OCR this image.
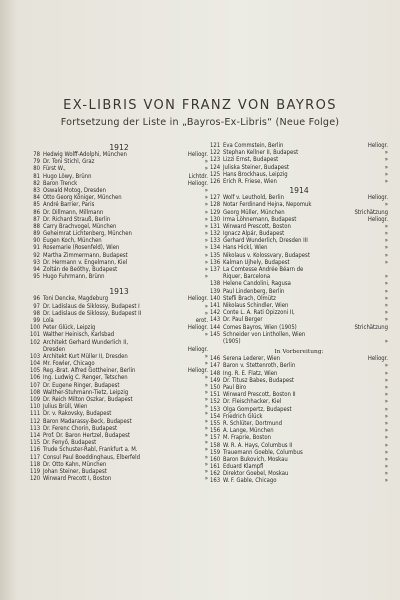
EX-LIBRIS VON FRANZ VON BAYROS
Fortsetzung der Liste in „Bayros-Ex-Libris“ (Neue Folge)
1912
78 Hedwig Wolff-Adolphi, München	Heliogr.
79 Dr. Toni Stichl, Graz	»
80 Fürst W.,	»
81 Hugo Löwy, Brünn	Lichtdr.
82 Baron Trenck	Heliogr.
83 Oswald Motog, Dresden	»
84 Otto Georg Königer, München	»
85 André Barrier, Paris	»
86 Dr. Dillmann, Millmann	»
87 Dr. Richard Strauß, Berlin	»
88 Carry Brachvogel, München	»
89 Geheimrat Lichtenberg, München	»
90 Eugen Koch, München	»
91 Rosemarie (Rosenfeld), Wien	»
92 Martha Zimmermann, Budapest	»
93 Dr. Hermann v. Engelmann, Kiel	»
94 Zoltán de Beöthy, Budapest	»
95 Hugo Fuhrmann, Brünn	»
1913
96 Toni Dencke, Magdeburg	Heliogr.
97 Dr. Ladislaus de Siklossy, Budapest I	»
98 Dr. Ladislaus de Siklossy, Budapest II	»
99 Lola	erot.
100 Peter Glück, Leipzig	Heliogr.
101 Walther Heinisch, Karlsbad	»
102 Architekt Gerhard Wunderlich II,
Dresden	Heliogr.
103 Architekt Kurt Müller II, Dresden	»
104 Mr. Fowler, Chicago	»
105 Reg.-Brat. Alfred Gottheiner, Berlin	Heliogr.
106 Ing. Ludwig C. Renger, Tetschen	»
107 Dr. Eugene Ringer, Budapest	»
108 Walther-Stuhmann-Tietz, Leipzig	»
109 Dr. Reich Milton Oszkar, Budapest	»
110 Julius Brüll, Wien	»
111 Dr. v. Rakovsky, Budapest	»
112 Baron Madarassy-Beck, Budapest	»
113 Dr. Ferenc Chorin, Budapest	»
114 Prof. Dr. Baron Hertzel, Budapest	»
115 Dr. Fenyő, Budapest	»
116 Trude Schuster-Rabl, Frankfurt a. M.	»
117 Consul Paul Boeddinghaus, Elberfeld	»
118 Dr. Otto Kahn, München	»
119 Johan Steiner, Budapest	»
120 Winward Precott I, Boston	»
121 Eva Commstein, Berlin	Heliogr.
122 Stephan Kellner II, Budapest	»
123 Lizzi Ernst, Budapest	»
124 Juliska Steiner, Budapest	»
125 Hans Brockhaus, Leipzig	»
126 Erich R. Friese, Wien	»
1914
127 Wolf v. Leuthold, Berlin	Heliogr.
128 Notar Ferdinand Hejna, Nepomuk	»
129 Georg Müller, München	Strichätzung
130 Irma Löhnemann, Budapest	Heliogr.
131 Winward Prescott, Boston	»
132 Ignacz Alpár, Budapest	»
133 Gerhard Wunderlich, Dresden III	»
134 Hans Hickl, Wien	»
135 Nikolaus v. Kolossvary, Budapest	»
136 Kalman Ujhely, Budapest	»
137 La Comtesse Andrée Béarn de
Riquer, Barcelona	»
138 Helene Candolini, Ragusa	»
139 Paul Lindenberg, Berlin	»
140 Stefli Brach, Olmütz	»
141 Nikolaus Schindler, Wien	»
142 Conte L. A. Rati Opizzoni II,	»
143 Dr. Paul Berger	»
144 Comes Bayros, Wien (1905)	Strichätzung
145 Schneider von Linthollen, Wien
(1905)	»
In Vorbereitung:
146 Serena Lederer, Wien	Heliogr.
147 Baron v. Stettenroth, Berlin	»
148 Ing. R. E. Flatz, Wien	»
149 Dr. Titusz Babes, Budapest	»
150 Paul Biro	»
151 Winward Prescott, Boston II	»
152 Dr. Fleischhacker, Kiel	»
153 Olga Gompertz, Budapest	»
154 Friedrich Glück	»
155 R. Schlüter, Dortmund	»
156 A. Lange, München	»
157 M. Fraprie, Boston	»
158 W. R. A. Hays, Columbus II	»
159 Trauemann Goeble, Columbus	»
160 Baron Bukovich, Moskau	»
161 Eduard Klampfl	»
162 Direktor Goebel, Moskau	»
163 W. F. Gable, Chicago	»
